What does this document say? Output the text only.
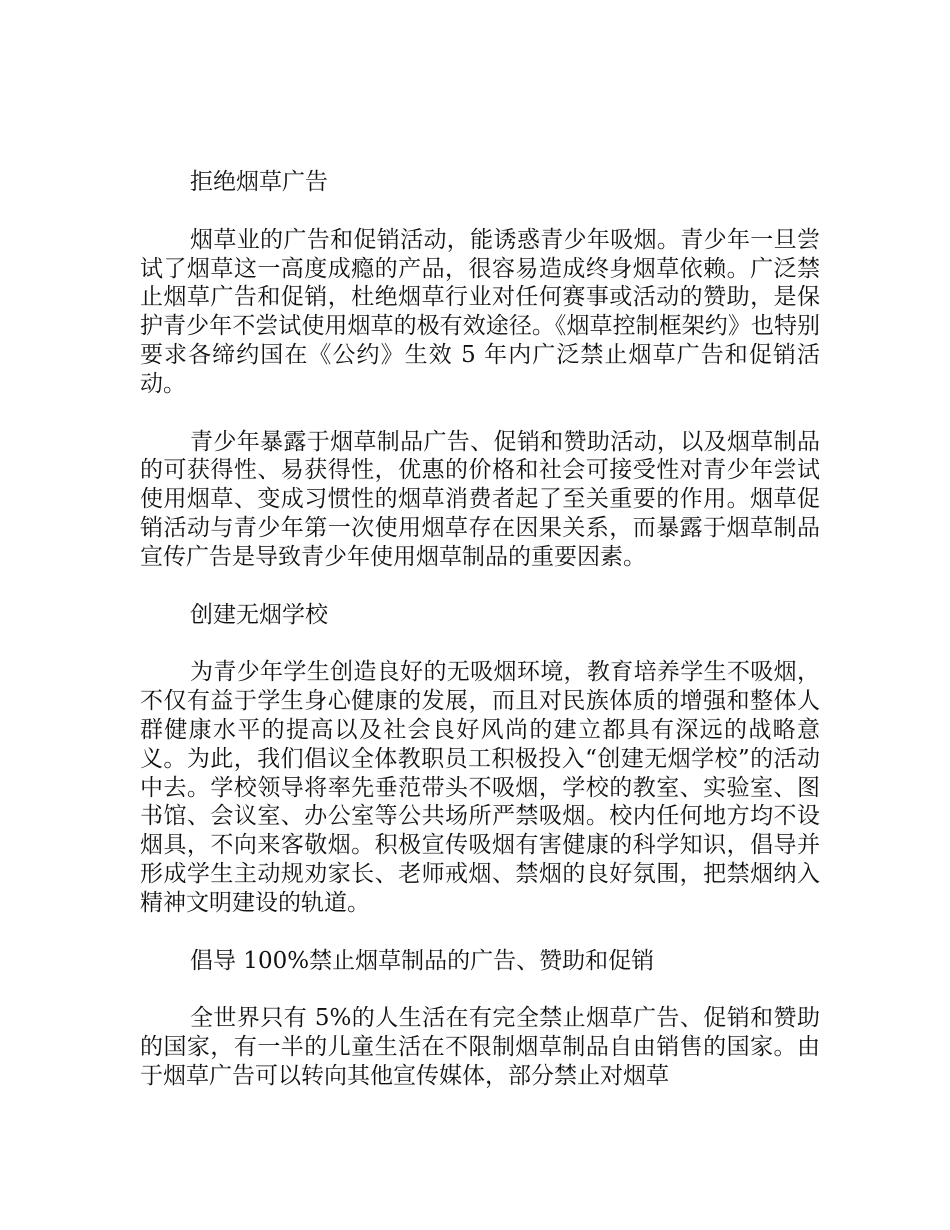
拒绝烟草广告

烟草业的广告和促销活动，能诱惑青少年吸烟。青少年一旦尝试了烟草这一高度成瘾的产品，很容易造成终身烟草依赖。广泛禁止烟草广告和促销，杜绝烟草行业对任何赛事或活动的赞助，是保护青少年不尝试使用烟草的极有效途径。《烟草控制框架约》也特别要求各缔约国在《公约》生效 5 年内广泛禁止烟草广告和促销活动。

青少年暴露于烟草制品广告、促销和赞助活动，以及烟草制品的可获得性、易获得性，优惠的价格和社会可接受性对青少年尝试使用烟草、变成习惯性的烟草消费者起了至关重要的作用。烟草促销活动与青少年第一次使用烟草存在因果关系，而暴露于烟草制品宣传广告是导致青少年使用烟草制品的重要因素。

创建无烟学校

为青少年学生创造良好的无吸烟环境，教育培养学生不吸烟，不仅有益于学生身心健康的发展，而且对民族体质的增强和整体人群健康水平的提高以及社会良好风尚的建立都具有深远的战略意义。为此，我们倡议全体教职员工积极投入“创建无烟学校”的活动中去。学校领导将率先垂范带头不吸烟，学校的教室、实验室、图书馆、会议室、办公室等公共场所严禁吸烟。校内任何地方均不设烟具，不向来客敬烟。积极宣传吸烟有害健康的科学知识，倡导并形成学生主动规劝家长、老师戒烟、禁烟的良好氛围，把禁烟纳入精神文明建设的轨道。

倡导 100%禁止烟草制品的广告、赞助和促销

全世界只有 5%的人生活在有完全禁止烟草广告、促销和赞助的国家，有一半的儿童生活在不限制烟草制品自由销售的国家。由于烟草广告可以转向其他宣传媒体，部分禁止对烟草
